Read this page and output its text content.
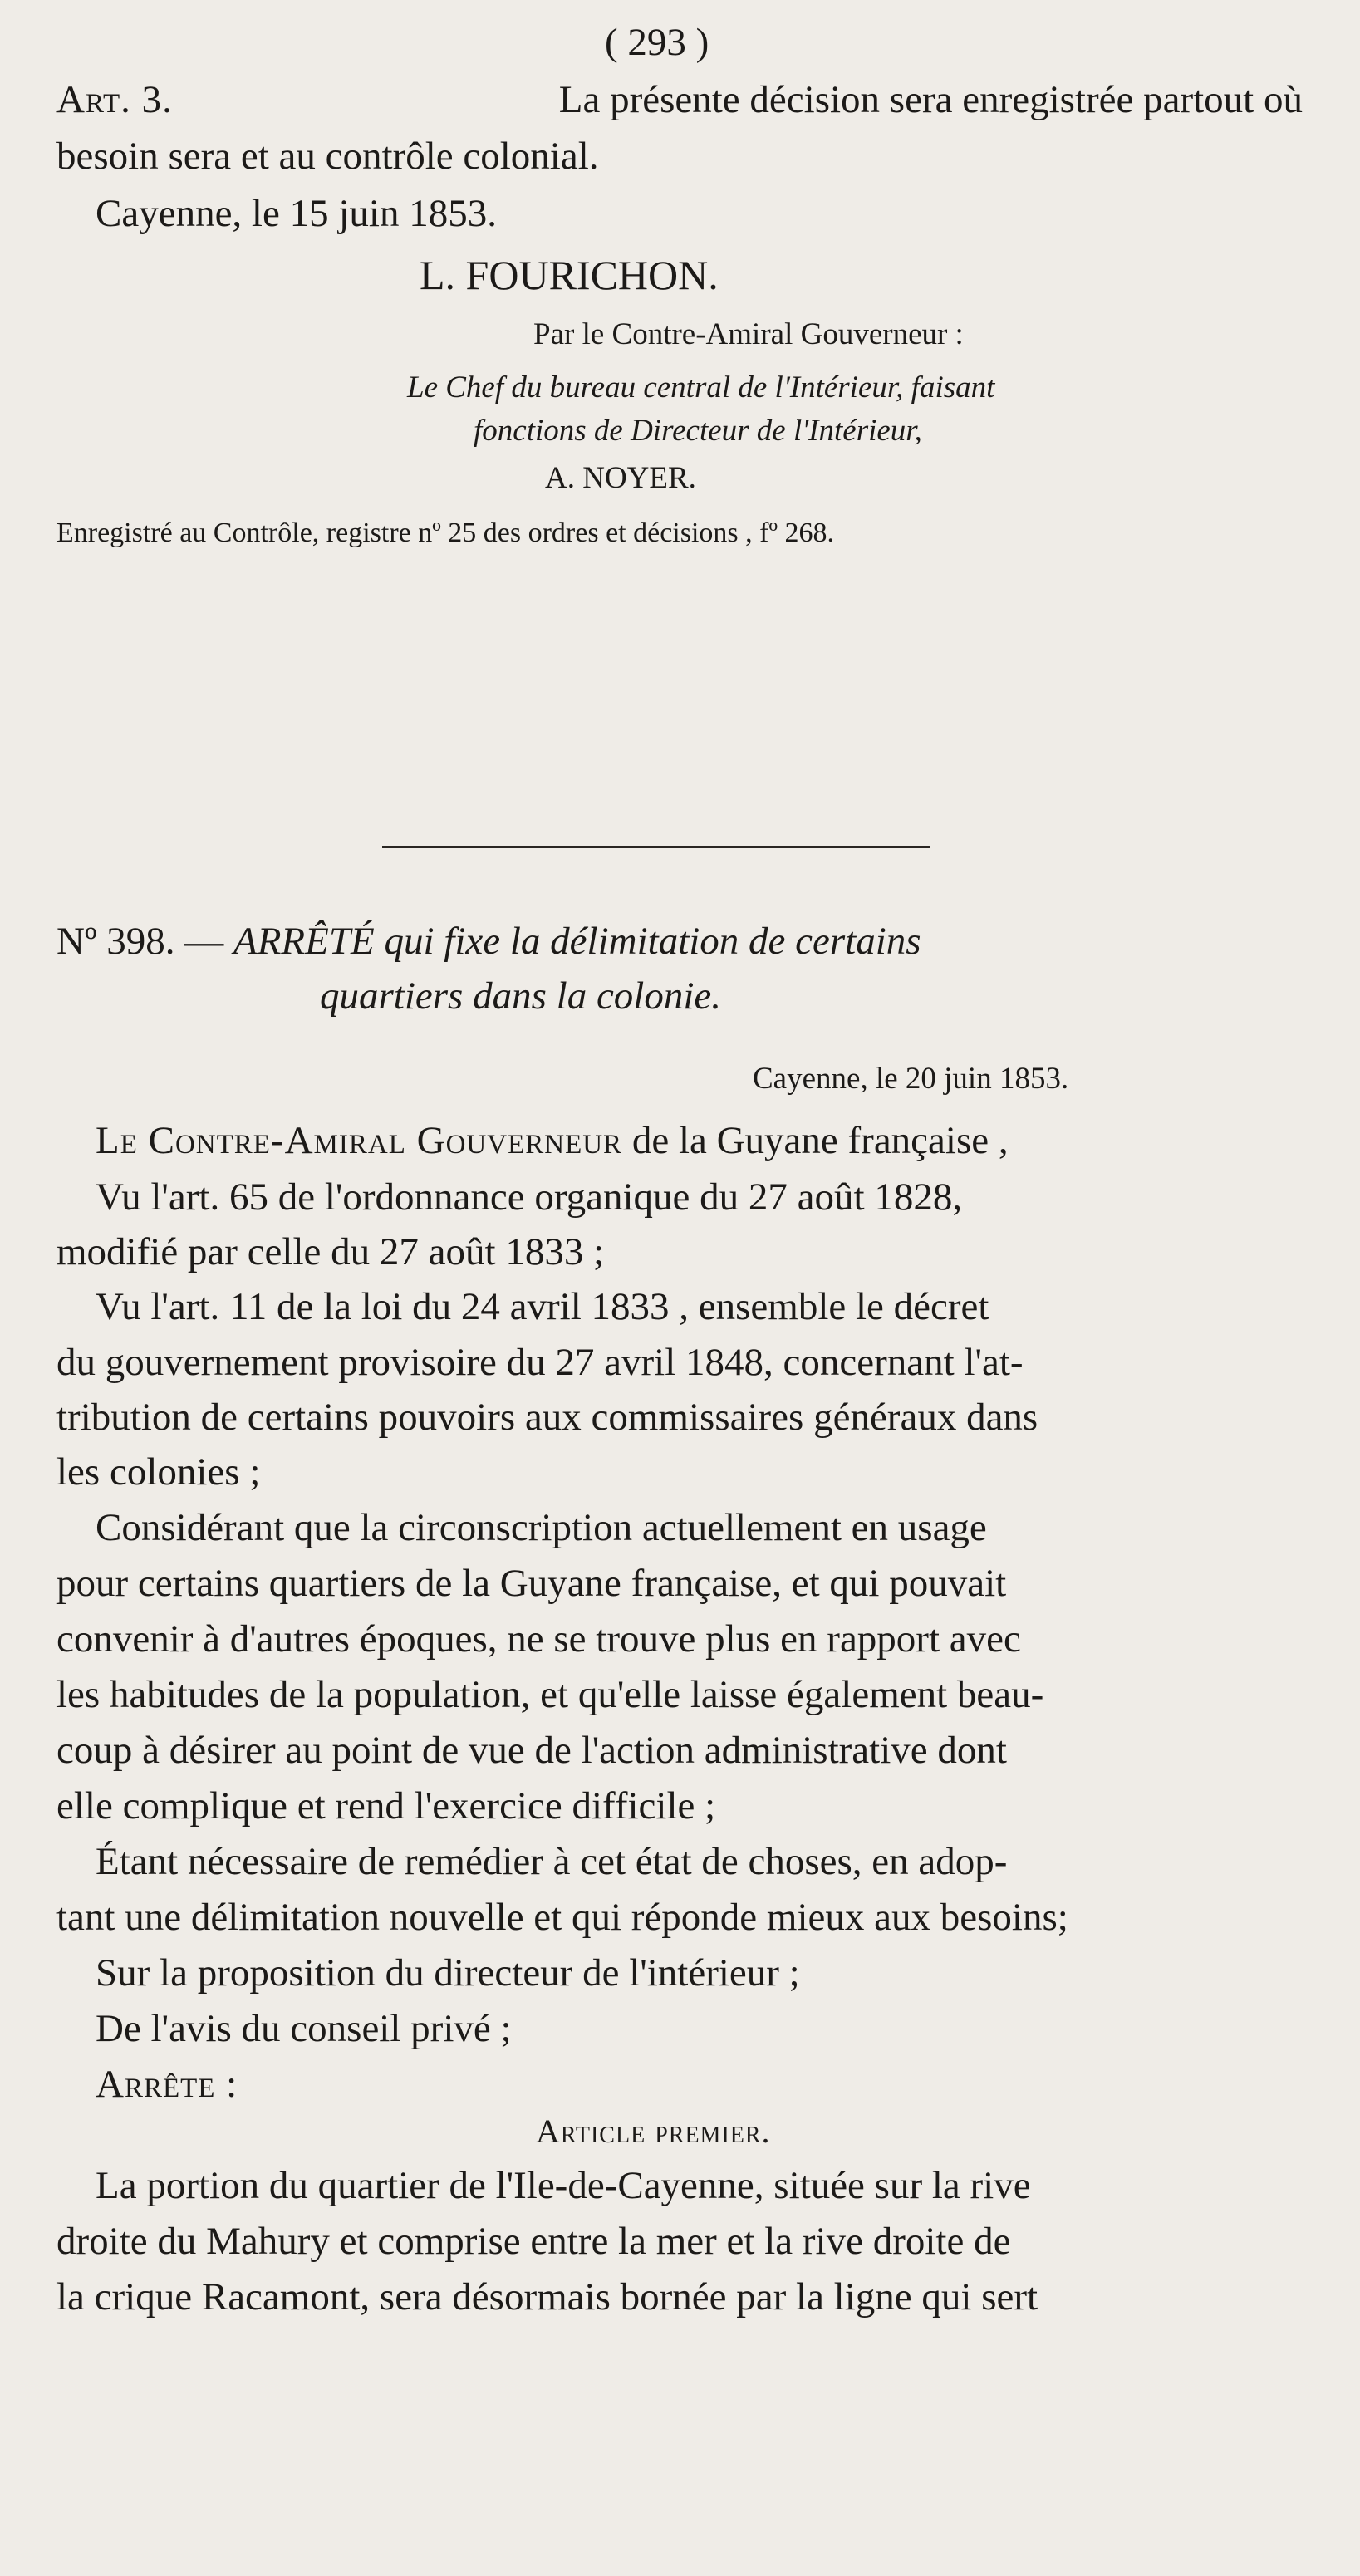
( 293 )

Art. 3.	La présente décision sera enregistrée partout où

besoin sera et au contrôle colonial.

Cayenne, le 15 juin 1853.

L. FOURICHON.

Par le Contre-Amiral Gouverneur :

Le Chef du bureau central de l'Intérieur, faisant

fonctions de Directeur de l'Intérieur,

A. NOYER.

Enregistré au Contrôle, registre nº 25 des ordres et décisions , fº 268.

Nº 398. — ARRÊTÉ qui fixe la délimitation de certains

quartiers dans la colonie.

Cayenne, le 20 juin 1853.

Le Contre-Amiral Gouverneur de la Guyane française ,

Vu l'art. 65 de l'ordonnance organique du 27 août 1828,

modifié par celle du 27 août 1833 ;

Vu l'art. 11 de la loi du 24 avril 1833 , ensemble le décret

du gouvernement provisoire du 27 avril 1848, concernant l'at-

tribution de certains pouvoirs aux commissaires généraux dans

les colonies ;

Considérant que la circonscription actuellement en usage

pour certains quartiers de la Guyane française, et qui pouvait

convenir à d'autres époques, ne se trouve plus en rapport avec

les habitudes de la population, et qu'elle laisse également beau-

coup à désirer au point de vue de l'action administrative dont

elle complique et rend l'exercice difficile ;

Étant nécessaire de remédier à cet état de choses, en adop-

tant une délimitation nouvelle et qui réponde mieux aux besoins;

Sur la proposition du directeur de l'intérieur ;

De l'avis du conseil privé ;

Arrête :

Article premier.

La portion du quartier de l'Ile-de-Cayenne, située sur la rive

droite du Mahury et comprise entre la mer et la rive droite de

la crique Racamont, sera désormais bornée par la ligne qui sert
